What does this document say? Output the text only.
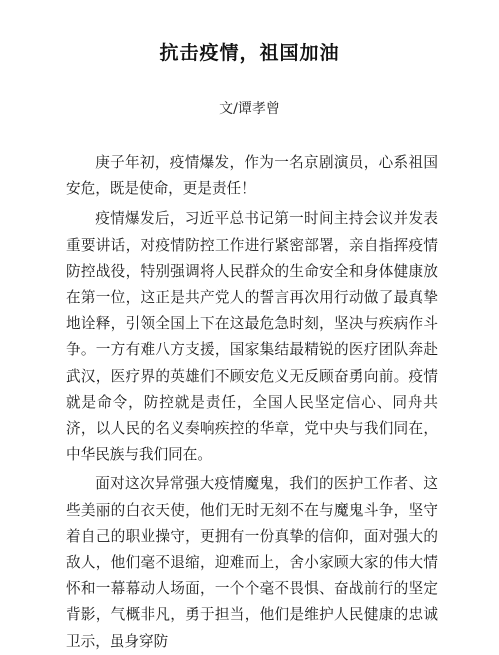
抗击疫情，祖国加油

文/谭孝曾

庚子年初，疫情爆发，作为一名京剧演员，心系祖国安危，既是使命，更是责任！

疫情爆发后，习近平总书记第一时间主持会议并发表重要讲话，对疫情防控工作进行紧密部署，亲自指挥疫情防控战役，特别强调将人民群众的生命安全和身体健康放在第一位，这正是共产党人的誓言再次用行动做了最真挚地诠释，引领全国上下在这最危急时刻，坚决与疾病作斗争。一方有难八方支援，国家集结最精锐的医疗团队奔赴武汉，医疗界的英雄们不顾安危义无反顾奋勇向前。疫情就是命令，防控就是责任，全国人民坚定信心、同舟共济，以人民的名义奏响疾控的华章，党中央与我们同在，中华民族与我们同在。

面对这次异常强大疫情魔鬼，我们的医护工作者、这些美丽的白衣天使，他们无时无刻不在与魔鬼斗争，坚守着自己的职业操守，更拥有一份真挚的信仰，面对强大的敌人，他们毫不退缩，迎难而上，舍小家顾大家的伟大情怀和一幕幕动人场面，一个个毫不畏惧、奋战前行的坚定背影，气概非凡，勇于担当，他们是维护人民健康的忠诚卫示，虽身穿防
